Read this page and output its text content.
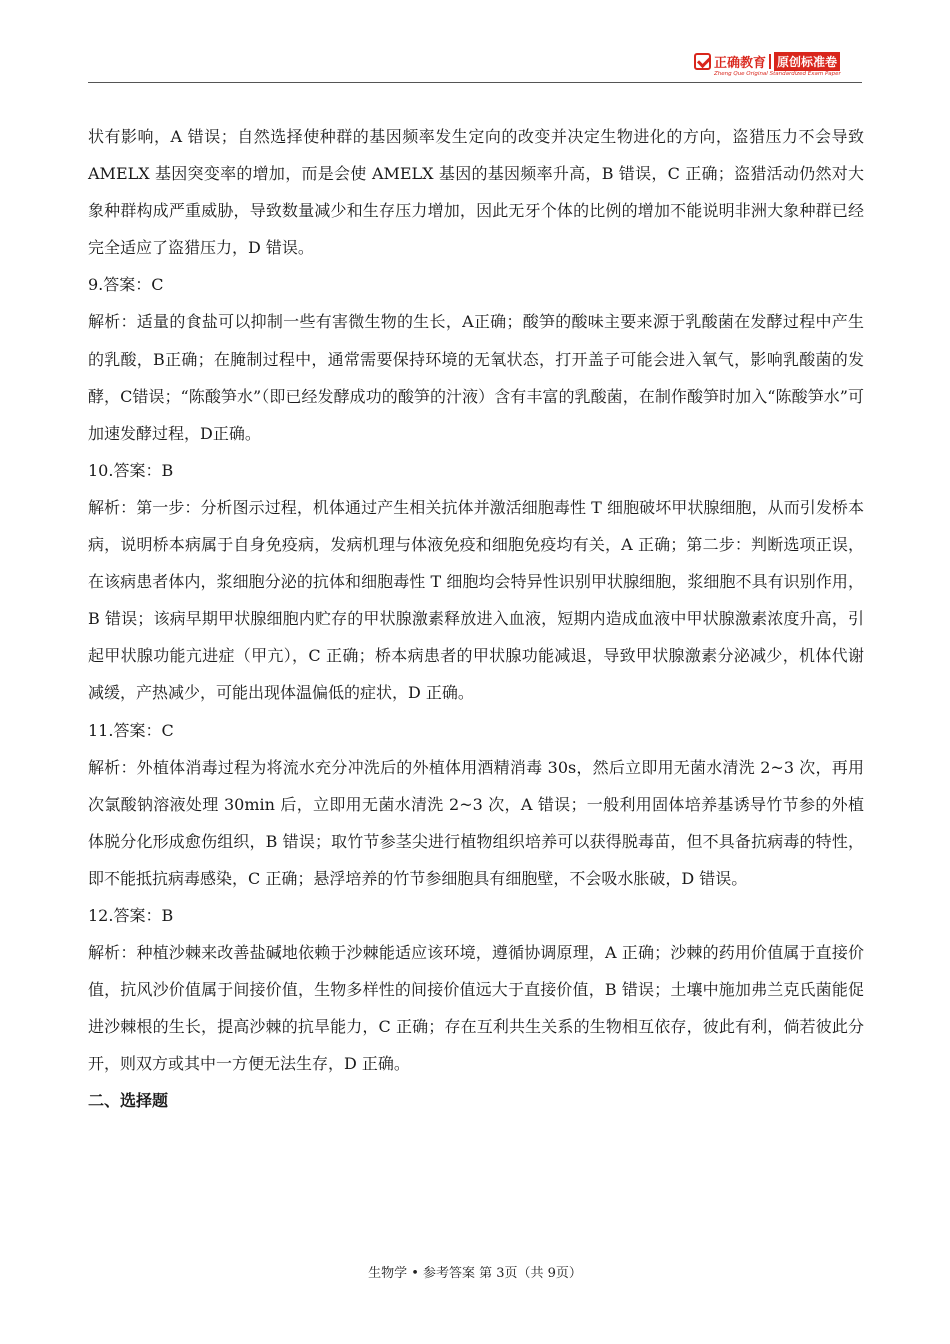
正确教育 原创标准卷
Zheng Que Original Standardized Exam Paper

状有影响，A 错误；自然选择使种群的基因频率发生定向的改变并决定生物进化的方向，盗猎压力不会导致 AMELX 基因突变率的增加，而是会使 AMELX 基因的基因频率升高，B 错误，C 正确；盗猎活动仍然对大象种群构成严重威胁，导致数量减少和生存压力增加，因此无牙个体的比例的增加不能说明非洲大象种群已经完全适应了盗猎压力，D 错误。

9.答案：C

解析：适量的食盐可以抑制一些有害微生物的生长，A正确；酸笋的酸味主要来源于乳酸菌在发酵过程中产生的乳酸，B正确；在腌制过程中，通常需要保持环境的无氧状态，打开盖子可能会进入氧气，影响乳酸菌的发酵，C错误；“陈酸笋水”（即已经发酵成功的酸笋的汁液）含有丰富的乳酸菌，在制作酸笋时加入“陈酸笋水”可加速发酵过程，D正确。

10.答案：B

解析：第一步：分析图示过程，机体通过产生相关抗体并激活细胞毒性 T 细胞破坏甲状腺细胞，从而引发桥本病，说明桥本病属于自身免疫病，发病机理与体液免疫和细胞免疫均有关，A 正确；第二步：判断选项正误，在该病患者体内，浆细胞分泌的抗体和细胞毒性 T 细胞均会特异性识别甲状腺细胞，浆细胞不具有识别作用，B 错误；该病早期甲状腺细胞内贮存的甲状腺激素释放进入血液，短期内造成血液中甲状腺激素浓度升高，引起甲状腺功能亢进症（甲亢），C 正确；桥本病患者的甲状腺功能减退，导致甲状腺激素分泌减少，机体代谢减缓，产热减少，可能出现体温偏低的症状，D 正确。

11.答案：C

解析：外植体消毒过程为将流水充分冲洗后的外植体用酒精消毒 30s，然后立即用无菌水清洗 2~3 次，再用次氯酸钠溶液处理 30min 后，立即用无菌水清洗 2~3 次，A 错误；一般利用固体培养基诱导竹节参的外植体脱分化形成愈伤组织，B 错误；取竹节参茎尖进行植物组织培养可以获得脱毒苗，但不具备抗病毒的特性，即不能抵抗病毒感染，C 正确；悬浮培养的竹节参细胞具有细胞壁，不会吸水胀破，D 错误。

12.答案：B

解析：种植沙棘来改善盐碱地依赖于沙棘能适应该环境，遵循协调原理，A 正确；沙棘的药用价值属于直接价值，抗风沙价值属于间接价值，生物多样性的间接价值远大于直接价值，B 错误；土壤中施加弗兰克氏菌能促进沙棘根的生长，提高沙棘的抗旱能力，C 正确；存在互利共生关系的生物相互依存，彼此有利，倘若彼此分开，则双方或其中一方便无法生存，D 正确。

二、选择题

生物学 • 参考答案 第 3页（共 9页）
